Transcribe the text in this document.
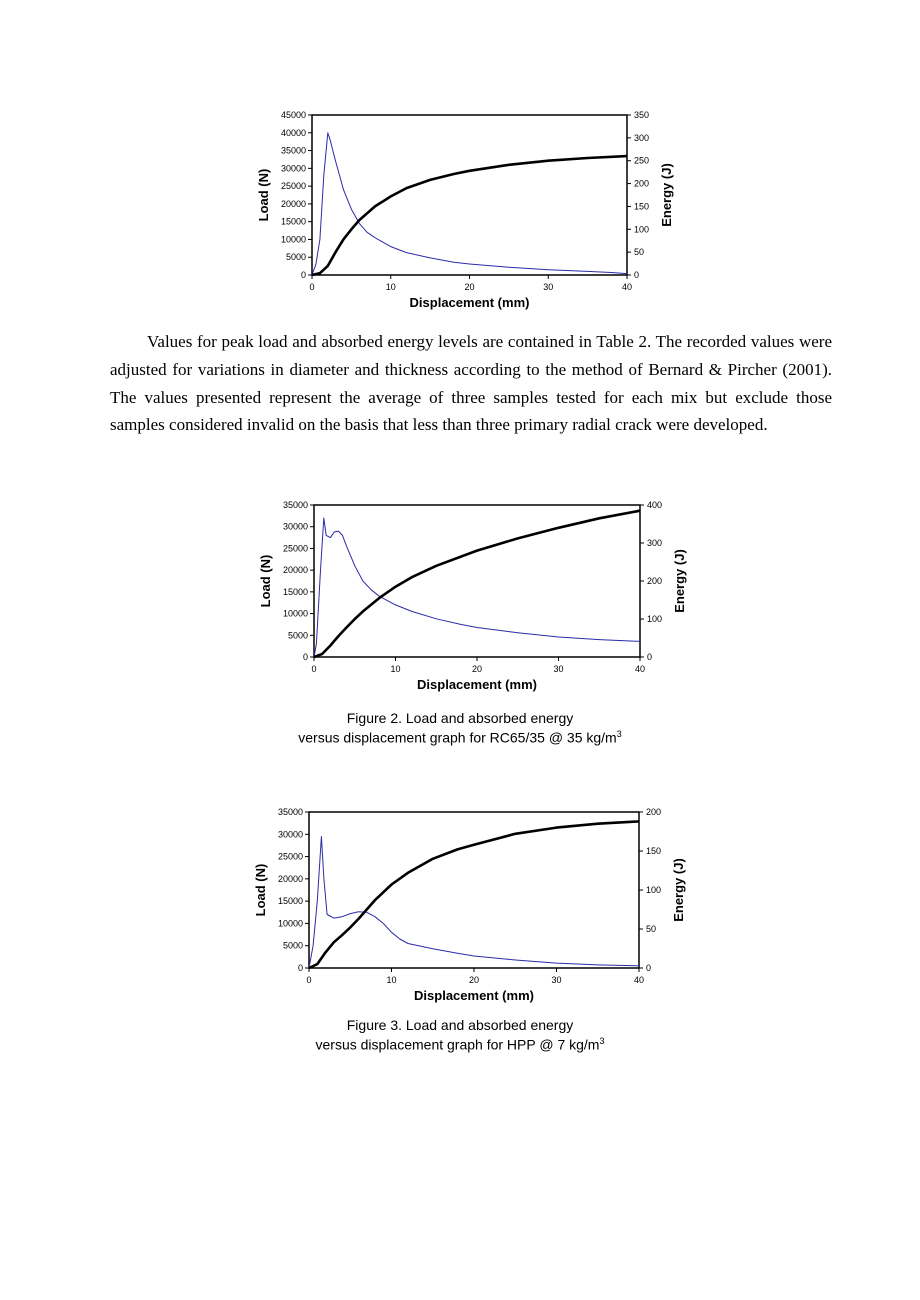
0	10	20	30	40
0
5000
10000
15000
20000
25000
30000
35000
40000
45000
0
50
100
150
200
250
300
350
Displacement (mm)
Load (N)	Energy (J)

Values for peak load and absorbed energy levels are contained in Table 2. The recorded values were adjusted for variations in diameter and thickness according to the method of Bernard & Pircher (2001). The values presented represent the average of three samples tested for each mix but exclude those samples considered invalid on the basis that less than three primary radial crack were developed.

0	10	20	30	40
0
5000
10000
15000
20000
25000
30000
35000
0
100
200
300
400
Displacement (mm)
Load (N)	Energy (J)
Figure 2. Load and absorbed energy
versus displacement graph for RC65/35 @ 35 $kg/m^3$
0	10	20	30	40
0
5000
10000
15000
20000
25000
30000
35000
0
50
100
150
200
Displacement (mm)
Load (N)	Energy (J)
Figure 3. Load and absorbed energy
versus displacement graph for HPP @ 7 $kg/m^3$
